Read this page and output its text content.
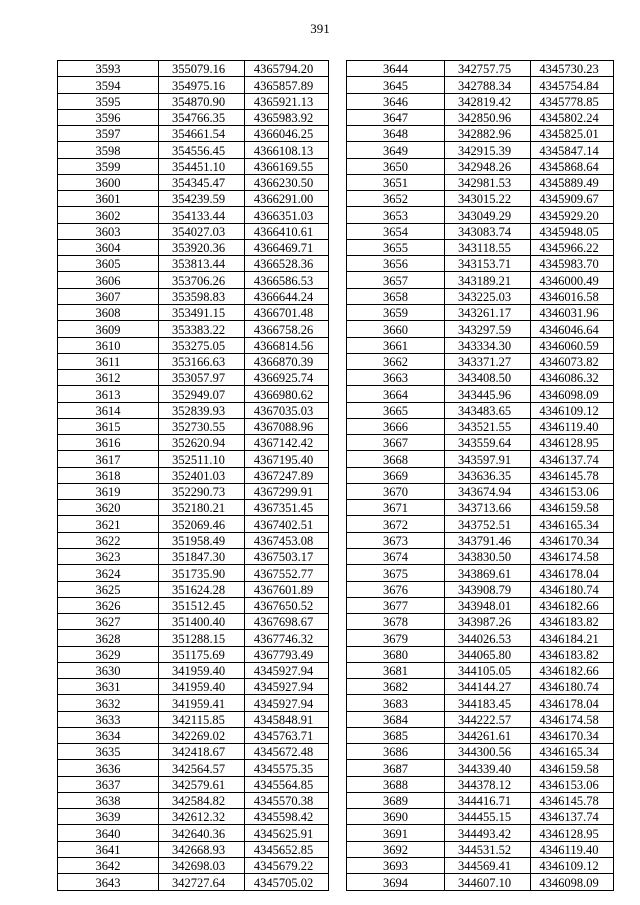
391
3593	355079.16	4365794.20
3594	354975.16	4365857.89
3595	354870.90	4365921.13
3596	354766.35	4365983.92
3597	354661.54	4366046.25
3598	354556.45	4366108.13
3599	354451.10	4366169.55
3600	354345.47	4366230.50
3601	354239.59	4366291.00
3602	354133.44	4366351.03
3603	354027.03	4366410.61
3604	353920.36	4366469.71
3605	353813.44	4366528.36
3606	353706.26	4366586.53
3607	353598.83	4366644.24
3608	353491.15	4366701.48
3609	353383.22	4366758.26
3610	353275.05	4366814.56
3611	353166.63	4366870.39
3612	353057.97	4366925.74
3613	352949.07	4366980.62
3614	352839.93	4367035.03
3615	352730.55	4367088.96
3616	352620.94	4367142.42
3617	352511.10	4367195.40
3618	352401.03	4367247.89
3619	352290.73	4367299.91
3620	352180.21	4367351.45
3621	352069.46	4367402.51
3622	351958.49	4367453.08
3623	351847.30	4367503.17
3624	351735.90	4367552.77
3625	351624.28	4367601.89
3626	351512.45	4367650.52
3627	351400.40	4367698.67
3628	351288.15	4367746.32
3629	351175.69	4367793.49
3630	341959.40	4345927.94
3631	341959.40	4345927.94
3632	341959.41	4345927.94
3633	342115.85	4345848.91
3634	342269.02	4345763.71
3635	342418.67	4345672.48
3636	342564.57	4345575.35
3637	342579.61	4345564.85
3638	342584.82	4345570.38
3639	342612.32	4345598.42
3640	342640.36	4345625.91
3641	342668.93	4345652.85
3642	342698.03	4345679.22
3643	342727.64	4345705.02
3644	342757.75	4345730.23
3645	342788.34	4345754.84
3646	342819.42	4345778.85
3647	342850.96	4345802.24
3648	342882.96	4345825.01
3649	342915.39	4345847.14
3650	342948.26	4345868.64
3651	342981.53	4345889.49
3652	343015.22	4345909.67
3653	343049.29	4345929.20
3654	343083.74	4345948.05
3655	343118.55	4345966.22
3656	343153.71	4345983.70
3657	343189.21	4346000.49
3658	343225.03	4346016.58
3659	343261.17	4346031.96
3660	343297.59	4346046.64
3661	343334.30	4346060.59
3662	343371.27	4346073.82
3663	343408.50	4346086.32
3664	343445.96	4346098.09
3665	343483.65	4346109.12
3666	343521.55	4346119.40
3667	343559.64	4346128.95
3668	343597.91	4346137.74
3669	343636.35	4346145.78
3670	343674.94	4346153.06
3671	343713.66	4346159.58
3672	343752.51	4346165.34
3673	343791.46	4346170.34
3674	343830.50	4346174.58
3675	343869.61	4346178.04
3676	343908.79	4346180.74
3677	343948.01	4346182.66
3678	343987.26	4346183.82
3679	344026.53	4346184.21
3680	344065.80	4346183.82
3681	344105.05	4346182.66
3682	344144.27	4346180.74
3683	344183.45	4346178.04
3684	344222.57	4346174.58
3685	344261.61	4346170.34
3686	344300.56	4346165.34
3687	344339.40	4346159.58
3688	344378.12	4346153.06
3689	344416.71	4346145.78
3690	344455.15	4346137.74
3691	344493.42	4346128.95
3692	344531.52	4346119.40
3693	344569.41	4346109.12
3694	344607.10	4346098.09
